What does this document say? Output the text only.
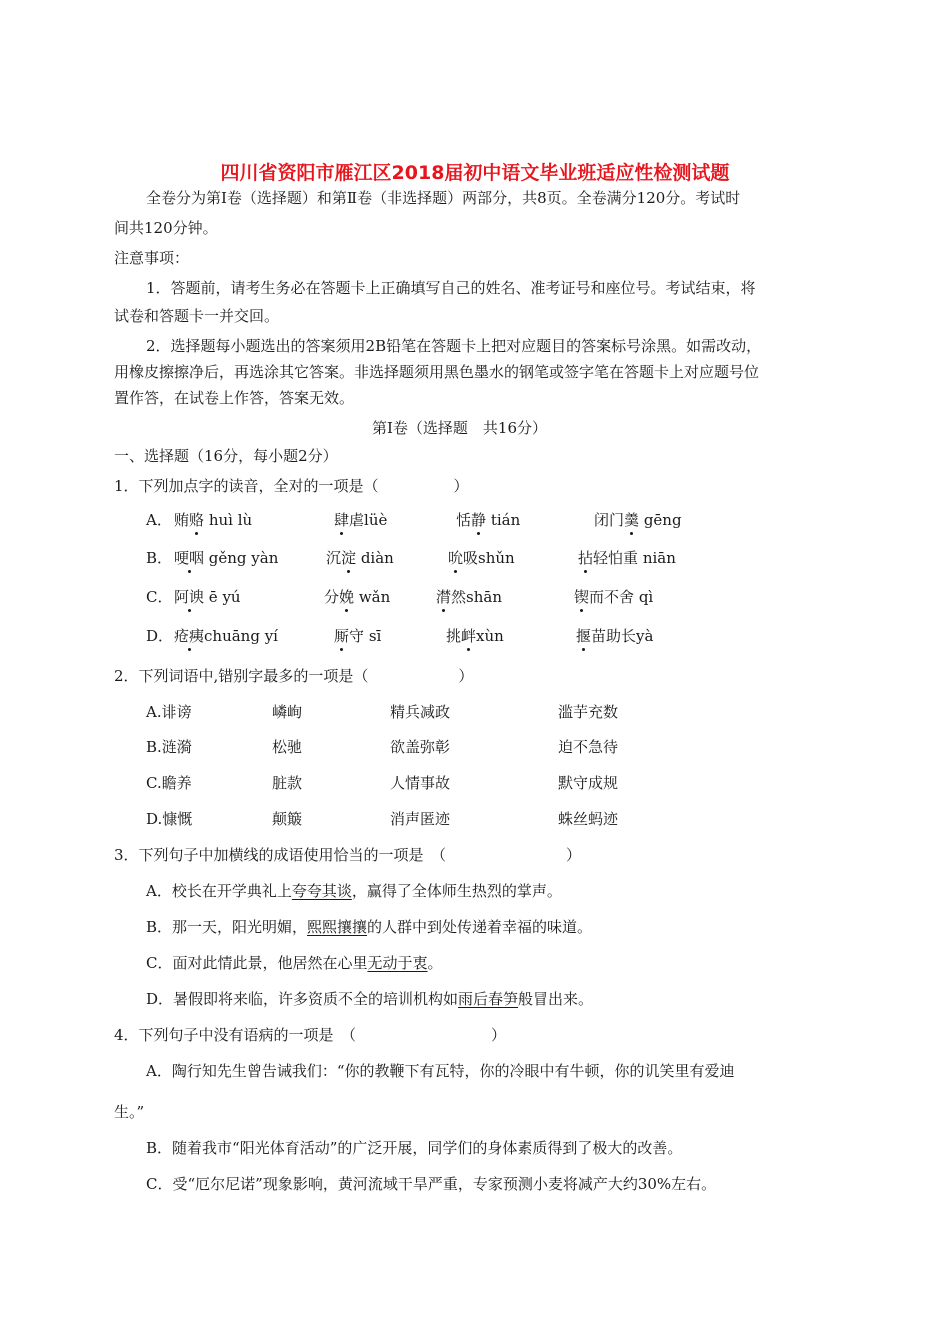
四川省资阳市雁江区2018届初中语文毕业班适应性检测试题
全卷分为第Ⅰ卷（选择题）和第Ⅱ卷（非选择题）两部分，共8页。全卷满分120分。考试时
间共120分钟。
注意事项：
1．答题前，请考生务必在答题卡上正确填写自己的姓名、准考证号和座位号。考试结束，将
试卷和答题卡一并交回。
2．选择题每小题选出的答案须用2B铅笔在答题卡上把对应题目的答案标号涂黑。如需改动，
用橡皮擦擦净后，再选涂其它答案。非选择题须用黑色墨水的钢笔或签字笔在答题卡上对应题号位
置作答，在试卷上作答，答案无效。
第Ⅰ卷（选择题　共16分）
一、选择题（16分，每小题2分）
1．下列加点字的读音，全对的一项是（　　　　　）
A． 贿赂 huì lù	肆虐lüè	恬静 tián	闭门羹 gēng
B． 哽咽 gěng yàn	沉淀 diàn	吮吸shǔn	拈轻怕重 niān
C． 阿谀 ē yú	分娩 wǎn	潸然shān	锲而不舍 qì
D． 疮痍chuāng yí	厮守 sī	挑衅xùn	揠苗助长yà
2．下列词语中,错别字最多的一项是（　　　　　　）
A.诽谤	嶙峋	精兵减政	滥芋充数
B.涟漪	松驰	欲盖弥彰	迫不急待
C.瞻养	脏款	人情事故	默守成规
D.慷慨	颠簸	消声匿迹	蛛丝蚂迹
3．下列句子中加横线的成语使用恰当的一项是　（　　　　　　　　）
A．校长在开学典礼上夸夸其谈，赢得了全体师生热烈的掌声。
B．那一天，阳光明媚，熙熙攘攘的人群中到处传递着幸福的味道。
C．面对此情此景，他居然在心里无动于衷。
D．暑假即将来临，许多资质不全的培训机构如雨后春笋般冒出来。
4．下列句子中没有语病的一项是　（　　　　　　　　　）
A．陶行知先生曾告诫我们：“你的教鞭下有瓦特，你的冷眼中有牛顿，你的讥笑里有爱迪
生。”
B．随着我市“阳光体育活动”的广泛开展，同学们的身体素质得到了极大的改善。
C．受“厄尔尼诺”现象影响，黄河流域干旱严重，专家预测小麦将减产大约30%左右。
